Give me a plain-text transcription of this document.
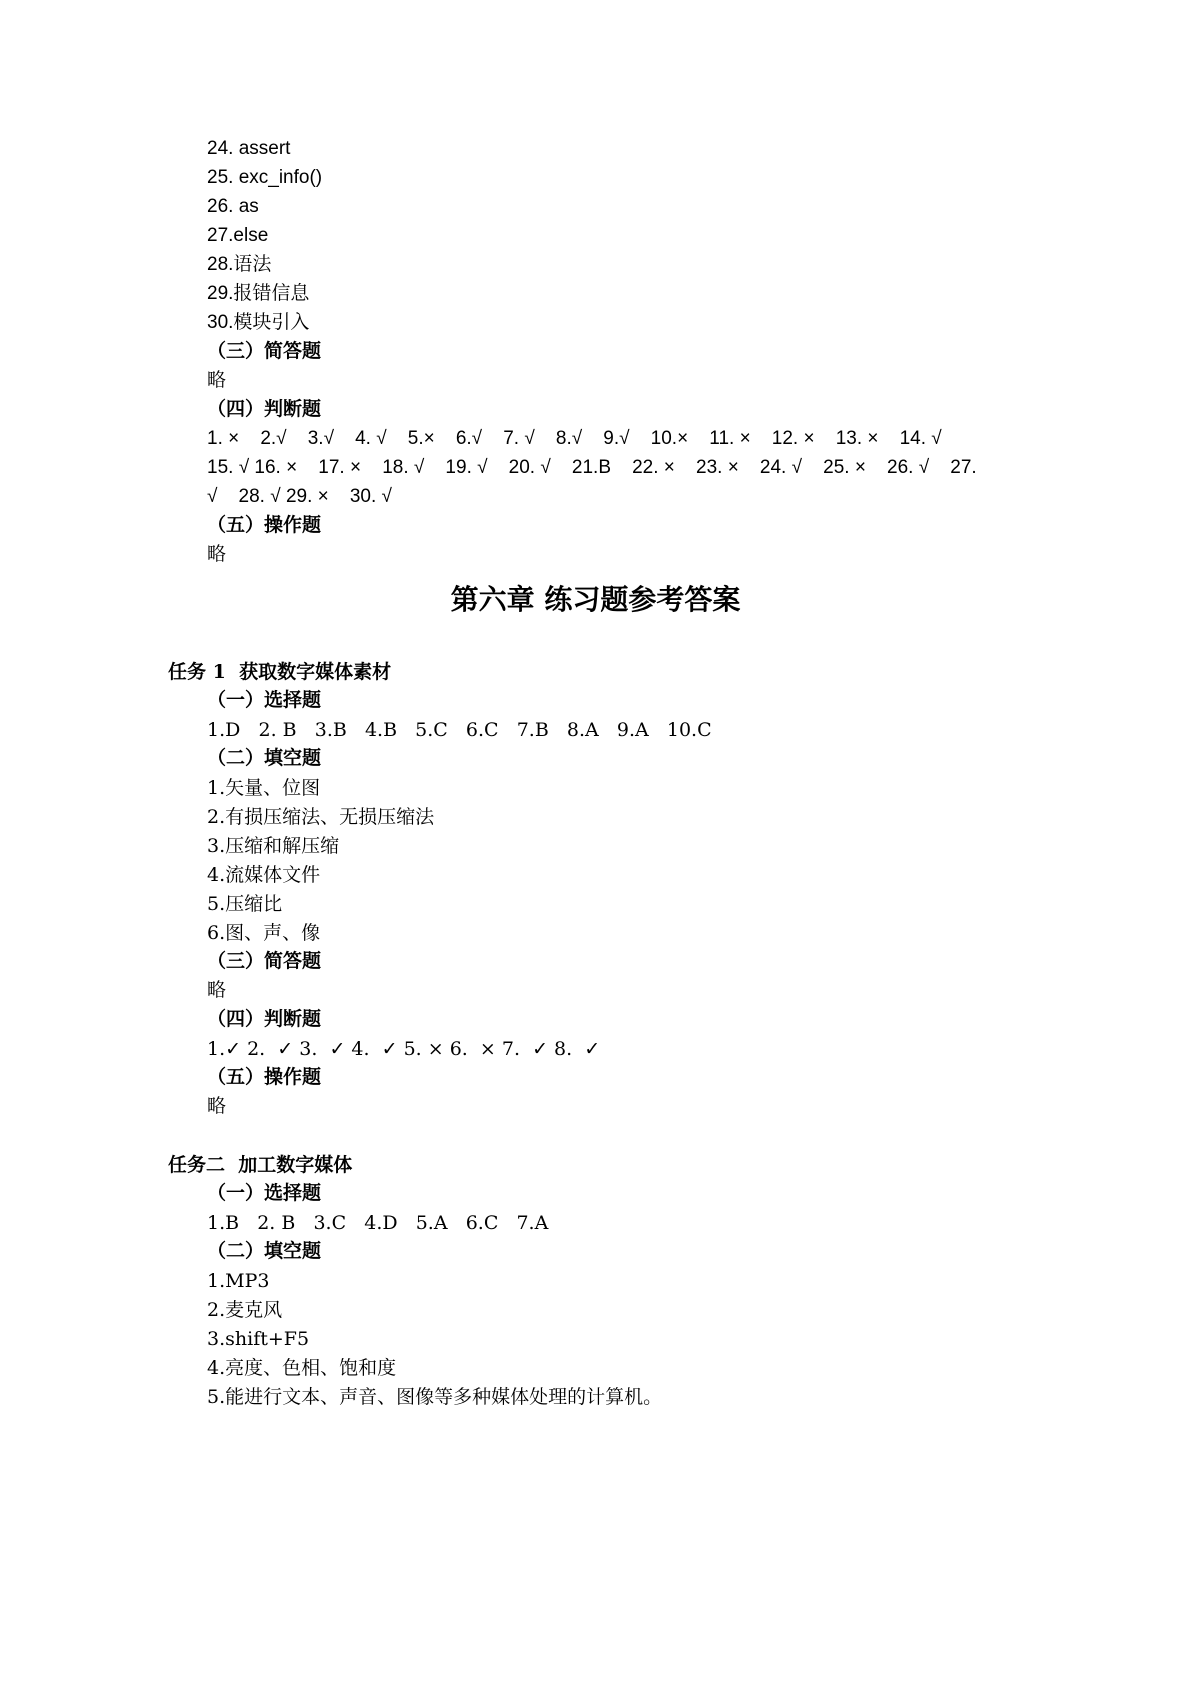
24. assert
25. exc_info()
26. as
27.else
28.语法
29.报错信息
30.模块引入
（三）简答题
略
（四）判断题
1. ×    2.√    3.√    4. √    5.×    6.√    7. √    8.√    9.√    10.×    11. ×    12. ×    13. ×    14. √
15. √ 16. ×    17. ×    18. √    19. √    20. √    21.B    22. ×    23. ×    24. √    25. ×    26. √    27.
√    28. √ 29. ×    30. √
（五）操作题
略
第六章 练习题参考答案
任务 1  获取数字媒体素材
（一）选择题
1.D   2. B   3.B   4.B   5.C   6.C   7.B   8.A   9.A   10.C
（二）填空题
1.矢量、位图
2.有损压缩法、无损压缩法
3.压缩和解压缩
4.流媒体文件
5.压缩比
6.图、声、像
（三）简答题
略
（四）判断题
1.✓ 2.  ✓ 3.  ✓ 4.  ✓ 5. × 6.  × 7.  ✓ 8.  ✓
（五）操作题
略
任务二  加工数字媒体
（一）选择题
1.B   2. B   3.C   4.D   5.A   6.C   7.A
（二）填空题
1.MP3
2.麦克风
3.shift+F5
4.亮度、色相、饱和度
5.能进行文本、声音、图像等多种媒体处理的计算机。
